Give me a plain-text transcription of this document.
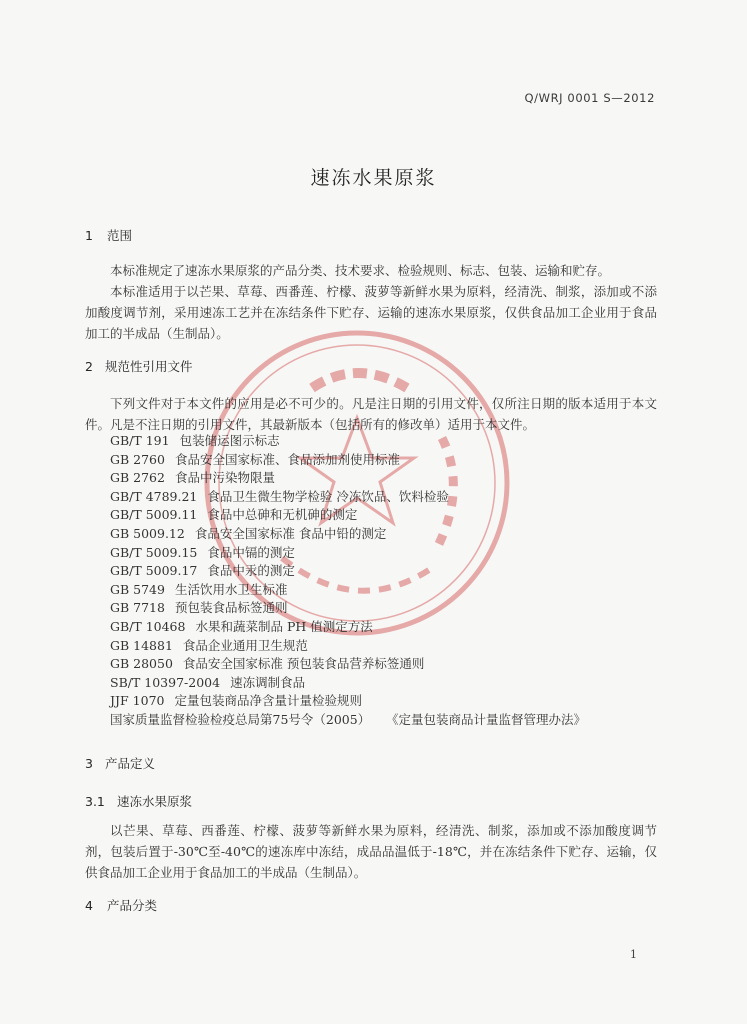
Q/WRJ 0001 S—2012
速冻水果原浆
1 范围
本标准规定了速冻水果原浆的产品分类、技术要求、检验规则、标志、包装、运输和贮存。
本标准适用于以芒果、草莓、西番莲、柠檬、菠萝等新鲜水果为原料，经清洗、制浆，添加或不添加酸度调节剂，采用速冻工艺并在冻结条件下贮存、运输的速冻水果原浆，仅供食品加工企业用于食品加工的半成品（生制品）。
2 规范性引用文件
下列文件对于本文件的应用是必不可少的。凡是注日期的引用文件，仅所注日期的版本适用于本文件。凡是不注日期的引用文件，其最新版本（包括所有的修改单）适用于本文件。
GB/T 191 包装储运图示标志
GB 2760 食品安全国家标准、食品添加剂使用标准
GB 2762 食品中污染物限量
GB/T 4789.21 食品卫生微生物学检验 冷冻饮品、饮料检验
GB/T 5009.11 食品中总砷和无机砷的测定
GB 5009.12 食品安全国家标准 食品中铅的测定
GB/T 5009.15 食品中镉的测定
GB/T 5009.17 食品中汞的测定
GB 5749 生活饮用水卫生标准
GB 7718 预包装食品标签通则
GB/T 10468 水果和蔬菜制品 PH 值测定方法
GB 14881 食品企业通用卫生规范
GB 28050 食品安全国家标准 预包装食品营养标签通则
SB/T 10397-2004 速冻调制食品
JJF 1070 定量包装商品净含量计量检验规则
国家质量监督检验检疫总局第75号令（2005） 《定量包装商品计量监督管理办法》
3 产品定义
3.1 速冻水果原浆
以芒果、草莓、西番莲、柠檬、菠萝等新鲜水果为原料，经清洗、制浆，添加或不添加酸度调节剂，包装后置于-30℃至-40℃的速冻库中冻结，成品品温低于-18℃，并在冻结条件下贮存、运输，仅供食品加工企业用于食品加工的半成品（生制品）。
4 产品分类
1
